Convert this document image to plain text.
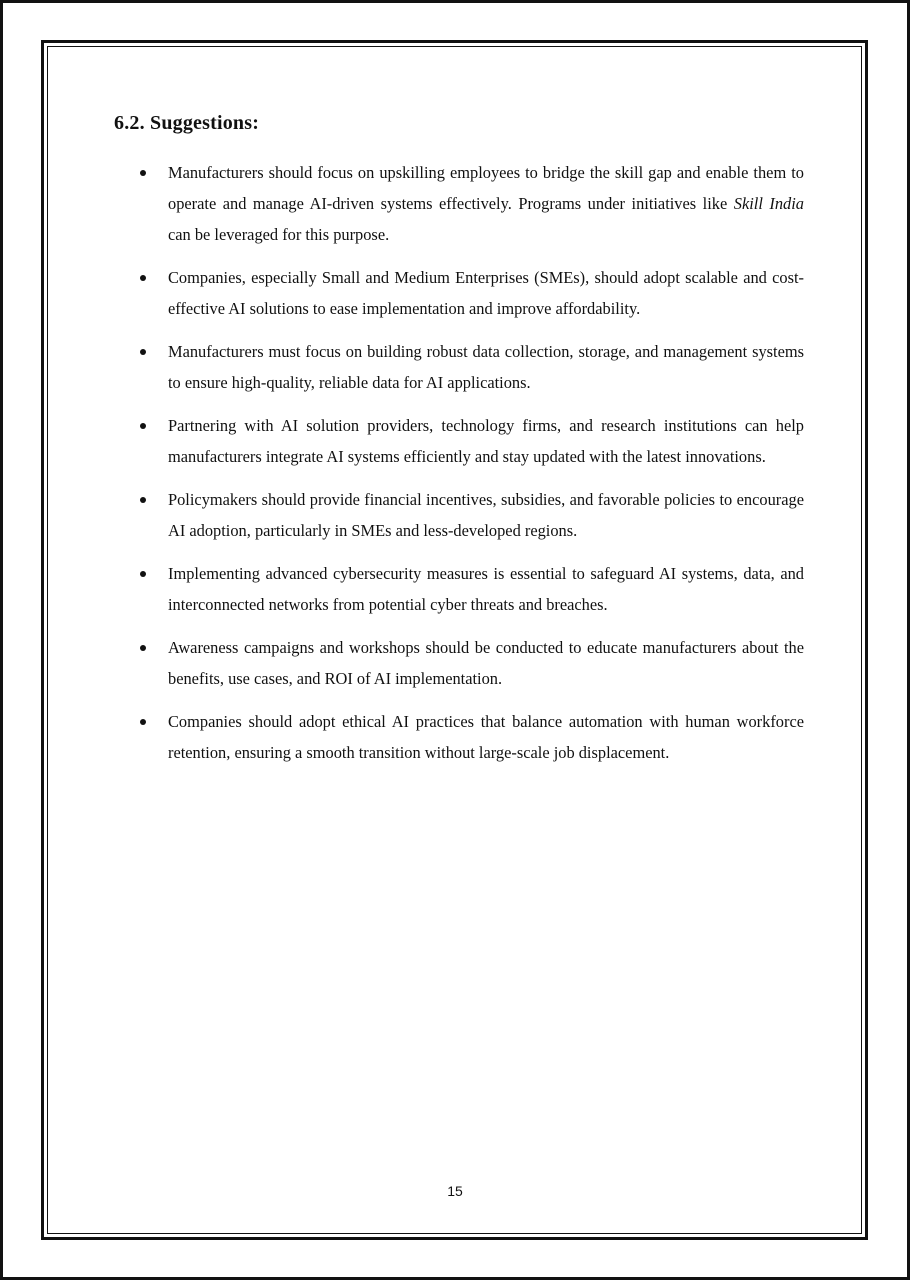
6.2. Suggestions:
Manufacturers should focus on upskilling employees to bridge the skill gap and enable them to operate and manage AI-driven systems effectively. Programs under initiatives like Skill India can be leveraged for this purpose.
Companies, especially Small and Medium Enterprises (SMEs), should adopt scalable and cost-effective AI solutions to ease implementation and improve affordability.
Manufacturers must focus on building robust data collection, storage, and management systems to ensure high-quality, reliable data for AI applications.
Partnering with AI solution providers, technology firms, and research institutions can help manufacturers integrate AI systems efficiently and stay updated with the latest innovations.
Policymakers should provide financial incentives, subsidies, and favorable policies to encourage AI adoption, particularly in SMEs and less-developed regions.
Implementing advanced cybersecurity measures is essential to safeguard AI systems, data, and interconnected networks from potential cyber threats and breaches.
Awareness campaigns and workshops should be conducted to educate manufacturers about the benefits, use cases, and ROI of AI implementation.
Companies should adopt ethical AI practices that balance automation with human workforce retention, ensuring a smooth transition without large-scale job displacement.
15
